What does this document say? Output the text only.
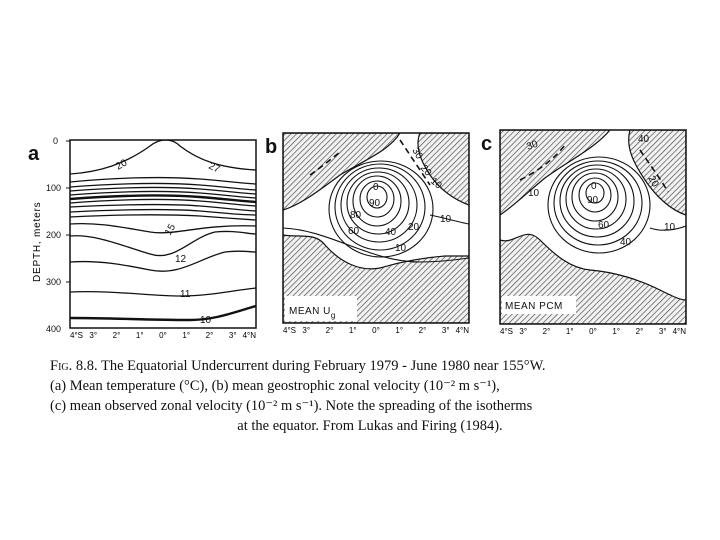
a	b	c
DEPTH, meters
0
100
200
300
400
27
20
15
12
11
10
30
20
10
0
90
80
60	40 20
10
10
MEAN $U_g$
30	40
20
10
0
90
60
40
10
MEAN PCM
4°S 3° 2° 1° 0° 1° 2° 3° 4°N
4°S 3° 2° 1° 0° 1° 2° 3° 4°N	4°S 3° 2° 1° 0° 1° 2° 3° 4°N
Fig. 8.8. The Equatorial Undercurrent during February 1979 - June 1980 near 155°W.
(a) Mean temperature (°C), (b) mean geostrophic zonal velocity (10⁻² m s⁻¹),
(c) mean observed zonal velocity (10⁻² m s⁻¹). Note the spreading of the isotherms
at the equator. From Lukas and Firing (1984).
